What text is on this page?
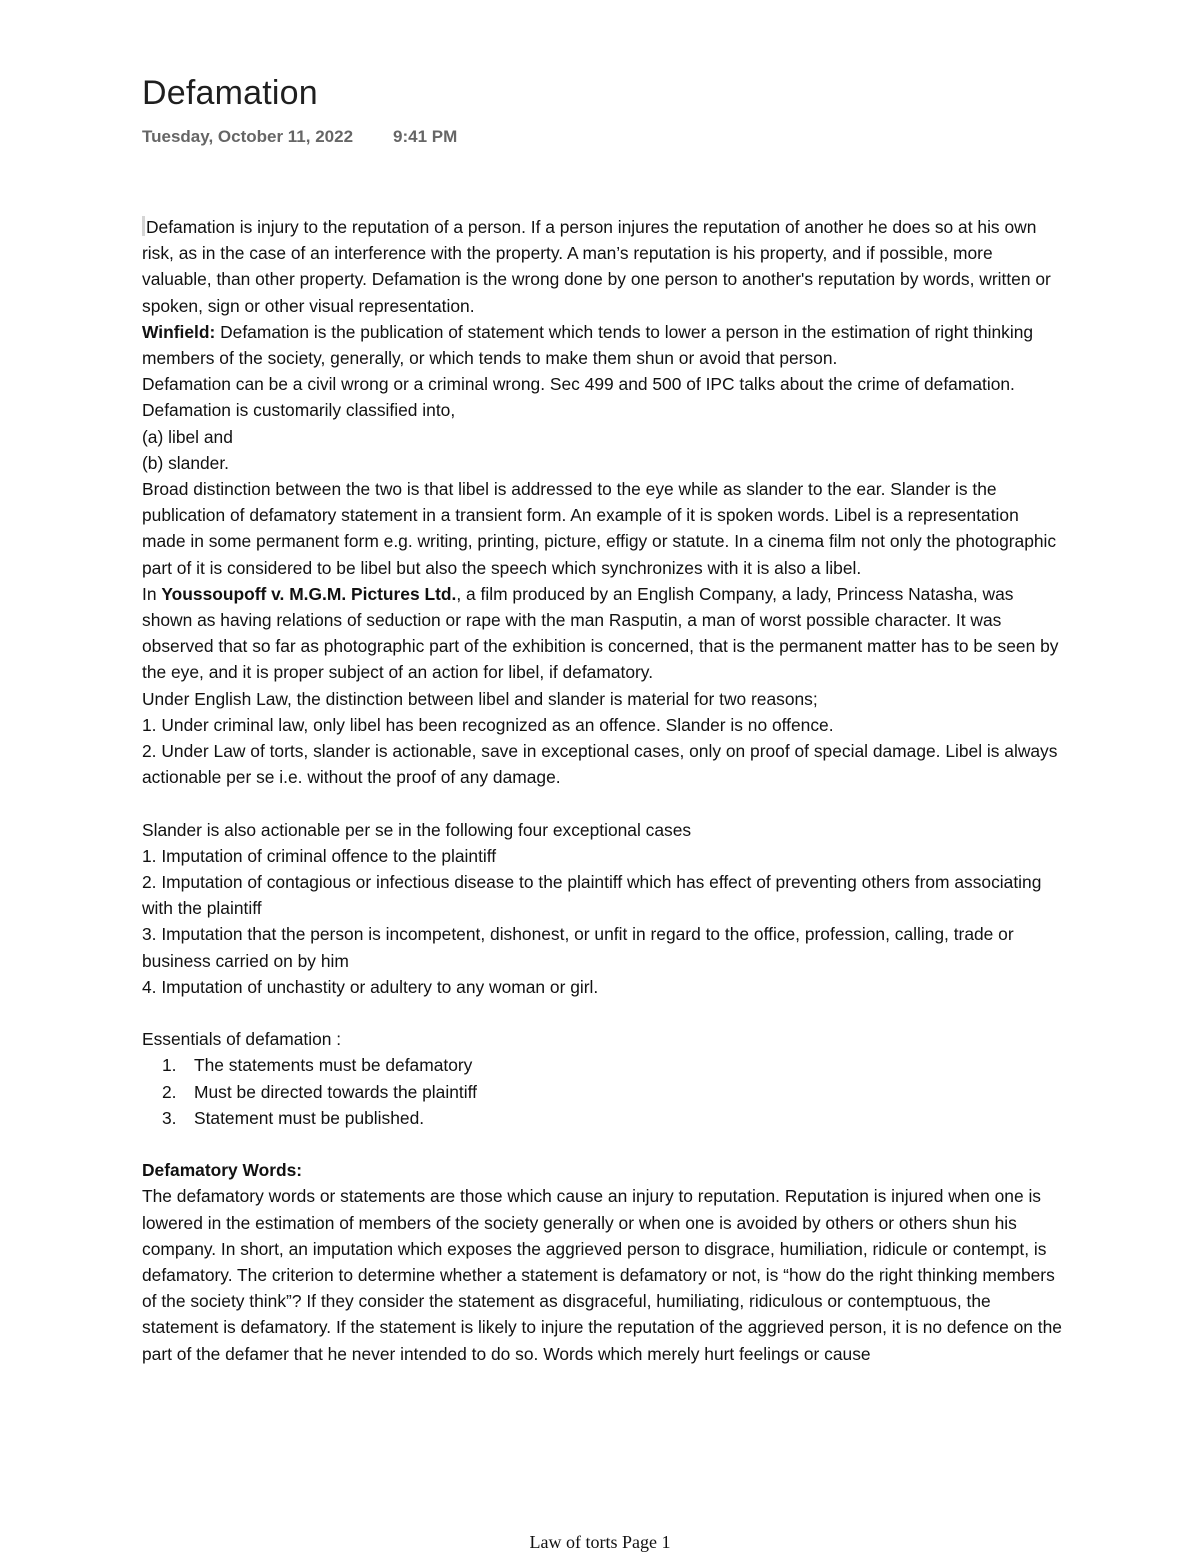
Defamation
Tuesday, October 11, 2022 9:41 PM

Defamation is injury to the reputation of a person. If a person injures the reputation of another he does so at his own risk, as in the case of an interference with the property. A man’s reputation is his property, and if possible, more valuable, than other property. Defamation is the wrong done by one person to another's reputation by words, written or spoken, sign or other visual representation.

Winfield: Defamation is the publication of statement which tends to lower a person in the estimation of right thinking members of the society, generally, or which tends to make them shun or avoid that person.

Defamation can be a civil wrong or a criminal wrong. Sec 499 and 500 of IPC talks about the crime of defamation. Defamation is customarily classified into,

(a) libel and

(b) slander.

Broad distinction between the two is that libel is addressed to the eye while as slander to the ear. Slander is the publication of defamatory statement in a transient form. An example of it is spoken words. Libel is a representation made in some permanent form e.g. writing, printing, picture, effigy or statute. In a cinema film not only the photographic part of it is considered to be libel but also the speech which synchronizes with it is also a libel.

In Youssoupoff v. M.G.M. Pictures Ltd., a film produced by an English Company, a lady, Princess Natasha, was shown as having relations of seduction or rape with the man Rasputin, a man of worst possible character. It was observed that so far as photographic part of the exhibition is concerned, that is the permanent matter has to be seen by the eye, and it is proper subject of an action for libel, if defamatory.

Under English Law, the distinction between libel and slander is material for two reasons;

1. Under criminal law, only libel has been recognized as an offence. Slander is no offence.

2. Under Law of torts, slander is actionable, save in exceptional cases, only on proof of special damage. Libel is always actionable per se i.e. without the proof of any damage.

Slander is also actionable per se in the following four exceptional cases

1. Imputation of criminal offence to the plaintiff

2. Imputation of contagious or infectious disease to the plaintiff which has effect of preventing others from associating with the plaintiff

3. Imputation that the person is incompetent, dishonest, or unfit in regard to the office, profession, calling, trade or business carried on by him

4. Imputation of unchastity or adultery to any woman or girl.

Essentials of defamation :

1. The statements must be defamatory
2. Must be directed towards the plaintiff
3. Statement must be published.

Defamatory Words:

The defamatory words or statements are those which cause an injury to reputation. Reputation is injured when one is lowered in the estimation of members of the society generally or when one is avoided by others or others shun his company. In short, an imputation which exposes the aggrieved person to disgrace, humiliation, ridicule or contempt, is defamatory. The criterion to determine whether a statement is defamatory or not, is “how do the right thinking members of the society think”? If they consider the statement as disgraceful, humiliating, ridiculous or contemptuous, the statement is defamatory. If the statement is likely to injure the reputation of the aggrieved person, it is no defence on the part of the defamer that he never intended to do so. Words which merely hurt feelings or cause

Law of torts Page 1
